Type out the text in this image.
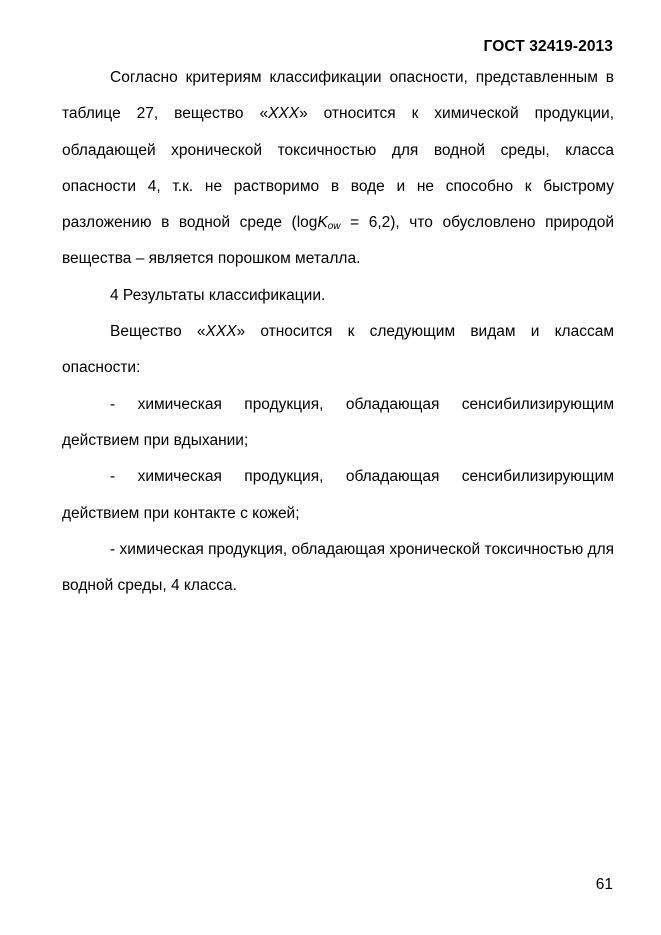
ГОСТ 32419-2013

Согласно критериям классификации опасности, представленным в таблице 27, вещество «XXX» относится к химической продукции, обладающей хронической токсичностью для водной среды, класса опасности 4, т.к. не растворимо в воде и не способно к быстрому разложению в водной среде (logK$_{ow}$ = 6,2), что обусловлено природой вещества – является порошком металла.

4 Результаты классификации.

Вещество «XXX» относится к следующим видам и классам опасности:

- химическая продукция, обладающая сенсибилизирующим действием при вдыхании;

- химическая продукция, обладающая сенсибилизирующим действием при контакте с кожей;

- химическая продукция, обладающая хронической токсичностью для водной среды, 4 класса.

61
